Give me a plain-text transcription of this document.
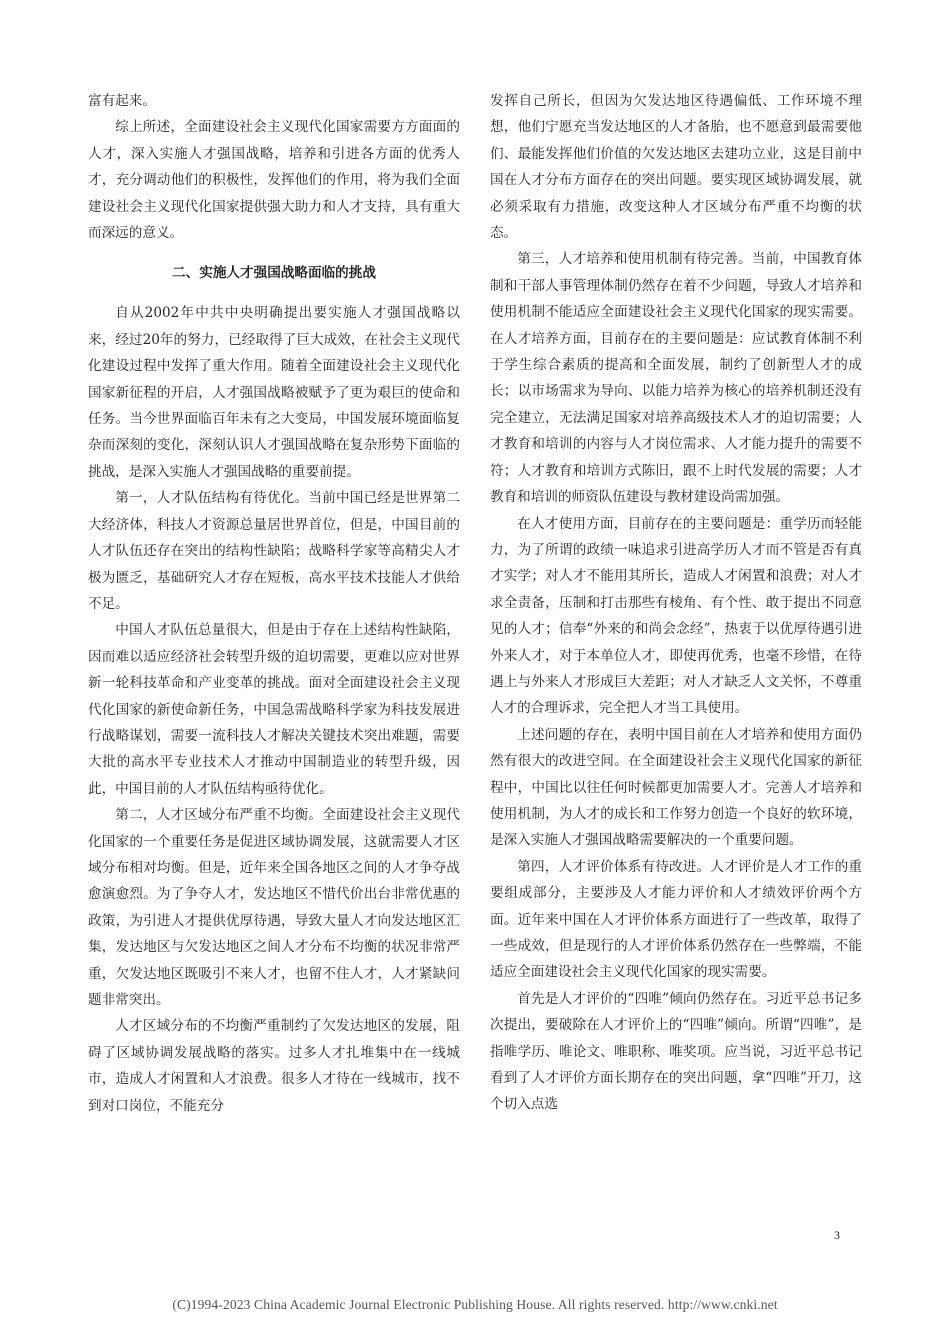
富有起来。

综上所述，全面建设社会主义现代化国家需要方方面面的人才，深入实施人才强国战略，培养和引进各方面的优秀人才，充分调动他们的积极性，发挥他们的作用，将为我们全面建设社会主义现代化国家提供强大助力和人才支持，具有重大而深远的意义。

二、实施人才强国战略面临的挑战

自从2002年中共中央明确提出要实施人才强国战略以来，经过20年的努力，已经取得了巨大成效，在社会主义现代化建设过程中发挥了重大作用。随着全面建设社会主义现代化国家新征程的开启，人才强国战略被赋予了更为艰巨的使命和任务。当今世界面临百年未有之大变局，中国发展环境面临复杂而深刻的变化，深刻认识人才强国战略在复杂形势下面临的挑战，是深入实施人才强国战略的重要前提。

第一，人才队伍结构有待优化。当前中国已经是世界第二大经济体，科技人才资源总量居世界首位，但是，中国目前的人才队伍还存在突出的结构性缺陷；战略科学家等高精尖人才极为匮乏，基础研究人才存在短板，高水平技术技能人才供给不足。

中国人才队伍总量很大，但是由于存在上述结构性缺陷，因而难以适应经济社会转型升级的迫切需要，更难以应对世界新一轮科技革命和产业变革的挑战。面对全面建设社会主义现代化国家的新使命新任务，中国急需战略科学家为科技发展进行战略谋划，需要一流科技人才解决关键技术突出难题，需要大批的高水平专业技术人才推动中国制造业的转型升级，因此，中国目前的人才队伍结构亟待优化。

第二，人才区域分布严重不均衡。全面建设社会主义现代化国家的一个重要任务是促进区域协调发展，这就需要人才区域分布相对均衡。但是，近年来全国各地区之间的人才争夺战愈演愈烈。为了争夺人才，发达地区不惜代价出台非常优惠的政策，为引进人才提供优厚待遇，导致大量人才向发达地区汇集，发达地区与欠发达地区之间人才分布不均衡的状况非常严重，欠发达地区既吸引不来人才，也留不住人才，人才紧缺问题非常突出。

人才区域分布的不均衡严重制约了欠发达地区的发展，阻碍了区域协调发展战略的落实。过多人才扎堆集中在一线城市，造成人才闲置和人才浪费。很多人才待在一线城市，找不到对口岗位，不能充分

发挥自己所长，但因为欠发达地区待遇偏低、工作环境不理想，他们宁愿充当发达地区的人才备胎，也不愿意到最需要他们、最能发挥他们价值的欠发达地区去建功立业，这是目前中国在人才分布方面存在的突出问题。要实现区域协调发展，就必须采取有力措施，改变这种人才区域分布严重不均衡的状态。

第三，人才培养和使用机制有待完善。当前，中国教育体制和干部人事管理体制仍然存在着不少问题，导致人才培养和使用机制不能适应全面建设社会主义现代化国家的现实需要。在人才培养方面，目前存在的主要问题是：应试教育体制不利于学生综合素质的提高和全面发展，制约了创新型人才的成长；以市场需求为导向、以能力培养为核心的培养机制还没有完全建立，无法满足国家对培养高级技术人才的迫切需要；人才教育和培训的内容与人才岗位需求、人才能力提升的需要不符；人才教育和培训方式陈旧，跟不上时代发展的需要；人才教育和培训的师资队伍建设与教材建设尚需加强。

在人才使用方面，目前存在的主要问题是：重学历而轻能力，为了所谓的政绩一味追求引进高学历人才而不管是否有真才实学；对人才不能用其所长，造成人才闲置和浪费；对人才求全责备，压制和打击那些有棱角、有个性、敢于提出不同意见的人才；信奉“外来的和尚会念经”，热衷于以优厚待遇引进外来人才，对于本单位人才，即使再优秀，也毫不珍惜，在待遇上与外来人才形成巨大差距；对人才缺乏人文关怀，不尊重人才的合理诉求，完全把人才当工具使用。

上述问题的存在，表明中国目前在人才培养和使用方面仍然有很大的改进空间。在全面建设社会主义现代化国家的新征程中，中国比以往任何时候都更加需要人才。完善人才培养和使用机制，为人才的成长和工作努力创造一个良好的软环境，是深入实施人才强国战略需要解决的一个重要问题。

第四，人才评价体系有待改进。人才评价是人才工作的重要组成部分，主要涉及人才能力评价和人才绩效评价两个方面。近年来中国在人才评价体系方面进行了一些改革，取得了一些成效，但是现行的人才评价体系仍然存在一些弊端，不能适应全面建设社会主义现代化国家的现实需要。

首先是人才评价的“四唯”倾向仍然存在。习近平总书记多次提出，要破除在人才评价上的“四唯”倾向。所谓“四唯”，是指唯学历、唯论文、唯职称、唯奖项。应当说，习近平总书记看到了人才评价方面长期存在的突出问题，拿“四唯”开刀，这个切入点选

3
(C)1994-2023 China Academic Journal Electronic Publishing House. All rights reserved. http://www.cnki.net
